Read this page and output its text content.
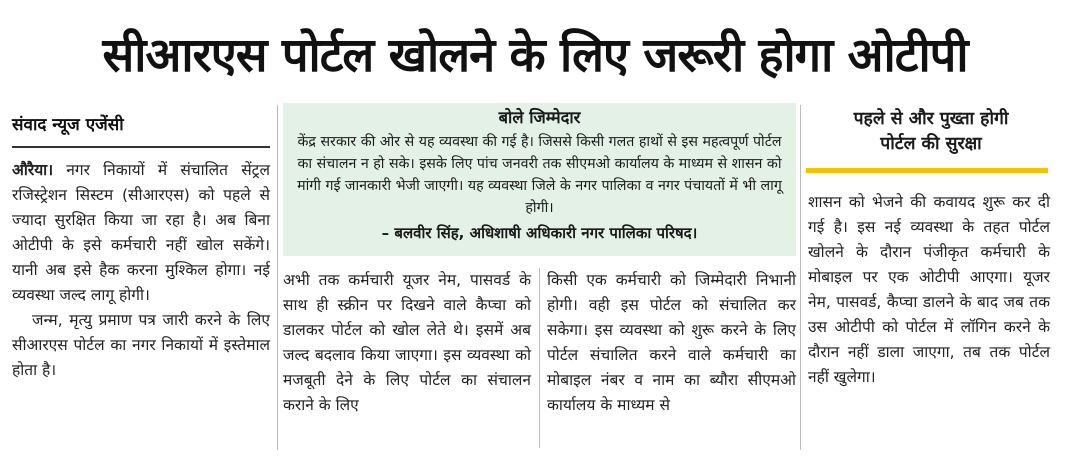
सीआरएस पोर्टल खोलने के लिए जरूरी होगा ओटीपी
संवाद न्यूज एजेंसी

औरैया। नगर निकायों में संचालित सेंट्रल रजिस्ट्रेशन सिस्टम (सीआरएस) को पहले से ज्यादा सुरक्षित किया जा रहा है। अब बिना ओटीपी के इसे कर्मचारी नहीं खोल सकेंगे। यानी अब इसे हैक करना मुश्किल होगा। नई व्यवस्था जल्द लागू होगी।

जन्म, मृत्यु प्रमाण पत्र जारी करने के लिए सीआरएस पोर्टल का नगर निकायों में इस्तेमाल होता है।

बोले जिम्मेदार
केंद्र सरकार की ओर से यह व्यवस्था की गई है। जिससे किसी गलत हाथों से इस महत्वपूर्ण पोर्टल का संचालन न हो सके। इसके लिए पांच जनवरी तक सीएमओ कार्यालय के माध्यम से शासन को मांगी गई जानकारी भेजी जाएगी। यह व्यवस्था जिले के नगर पालिका व नगर पंचायतों में भी लागू होगी।
– बलवीर सिंह, अधिशाषी अधिकारी नगर पालिका परिषद।

अभी तक कर्मचारी यूजर नेम, पासवर्ड के साथ ही स्क्रीन पर दिखने वाले कैप्चा को डालकर पोर्टल को खोल लेते थे। इसमें अब जल्द बदलाव किया जाएगा। इस व्यवस्था को मजबूती देने के लिए पोर्टल का संचालन कराने के लिए

किसी एक कर्मचारी को जिम्मेदारी निभानी होगी। वही इस पोर्टल को संचालित कर सकेगा। इस व्यवस्था को शुरू करने के लिए पोर्टल संचालित करने वाले कर्मचारी का मोबाइल नंबर व नाम का ब्यौरा सीएमओ कार्यालय के माध्यम से

पहले से और पुख्ता होगी
पोर्टल की सुरक्षा

शासन को भेजने की कवायद शुरू कर दी गई है। इस नई व्यवस्था के तहत पोर्टल खोलने के दौरान पंजीकृत कर्मचारी के मोबाइल पर एक ओटीपी आएगा। यूजर नेम, पासवर्ड, कैप्चा डालने के बाद जब तक उस ओटीपी को पोर्टल में लॉगिन करने के दौरान नहीं डाला जाएगा, तब तक पोर्टल नहीं खुलेगा।
